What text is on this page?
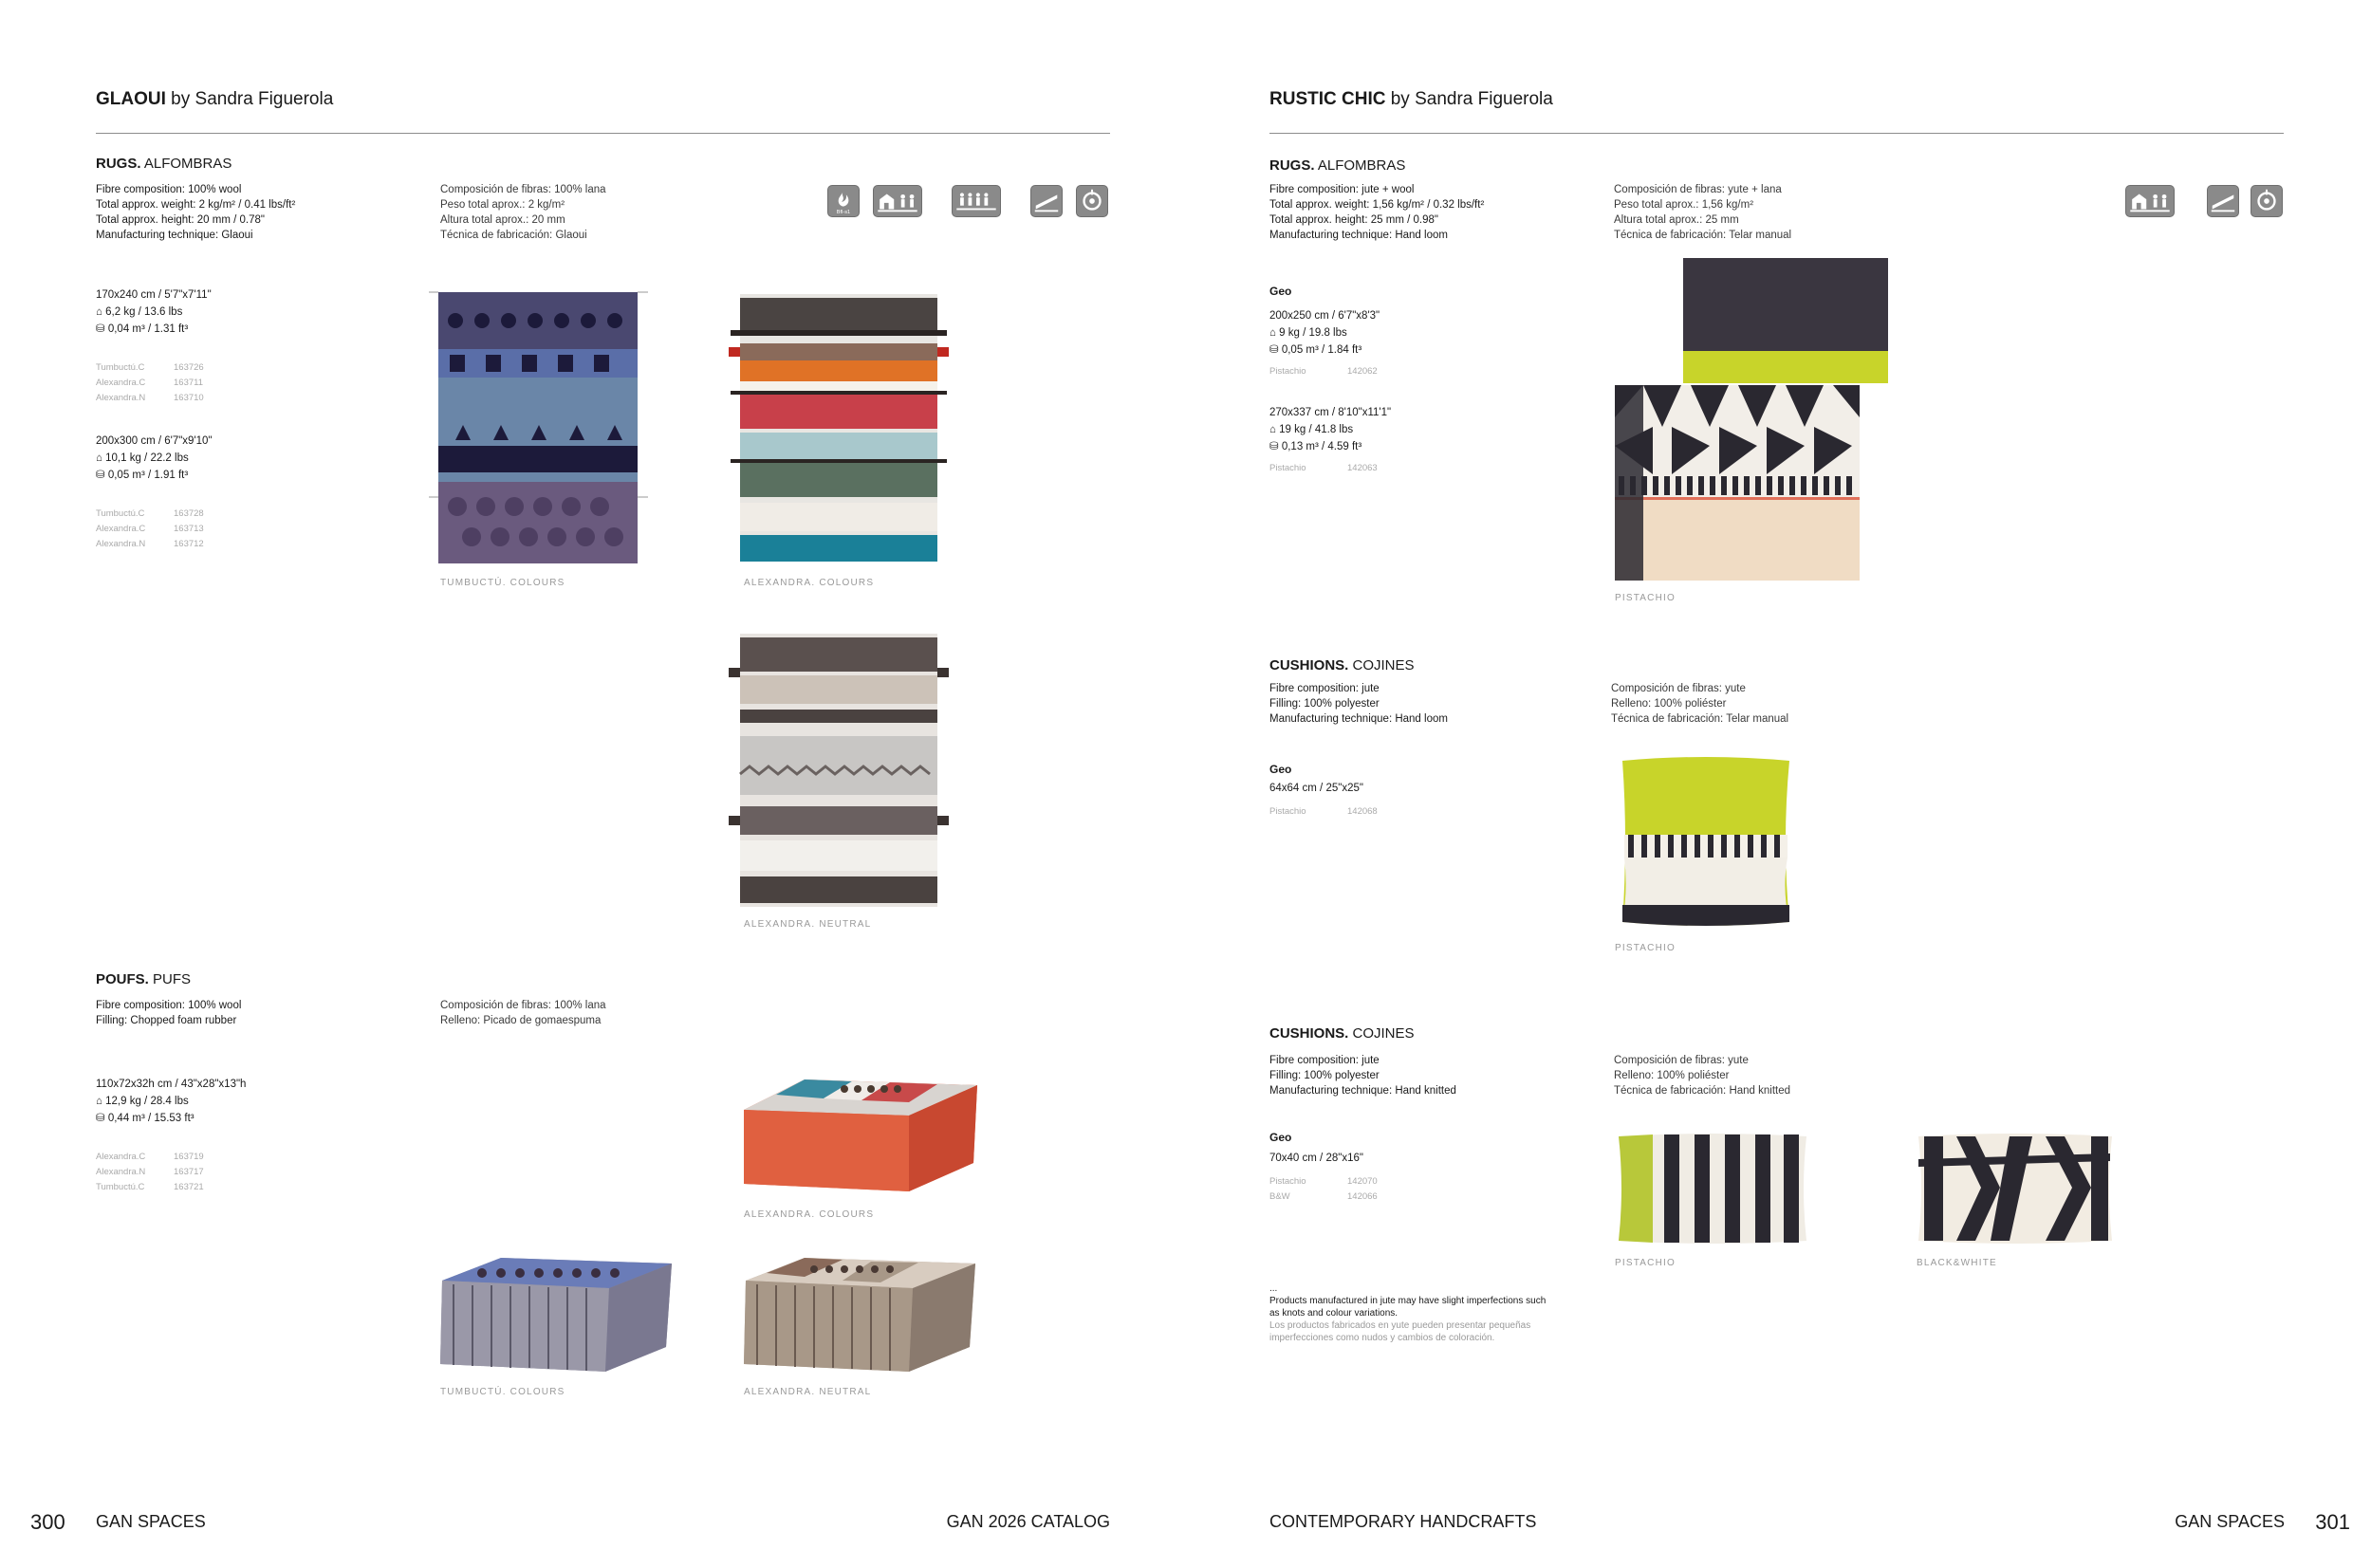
GLAOUI by Sandra Figuerola
RUGS. ALFOMBRAS
Fibre composition: 100% wool
Total approx. weight: 2 kg/m² / 0.41 lbs/ft²
Total approx. height: 20 mm / 0.78"
Manufacturing technique: Glaoui
Composición de fibras: 100% lana
Peso total aprox.: 2 kg/m²
Altura total aprox.: 20 mm
Técnica de fabricación: Glaoui
Bfl-s1
170x240 cm / 5'7"x7'11"
⌂ 6,2 kg / 13.6 lbs
⛁ 0,04 m³ / 1.31 ft³
Tumbuctú.C	163726
Alexandra.C	163711
Alexandra.N	163710
200x300 cm / 6'7"x9'10"
⌂ 10,1 kg / 22.2 lbs
⛁ 0,05 m³ / 1.91 ft³
Tumbuctú.C	163728
Alexandra.C	163713
Alexandra.N	163712
TUMBUCTÚ. COLOURS	ALEXANDRA. COLOURS
ALEXANDRA. NEUTRAL
POUFS. PUFS
Fibre composition: 100% wool
Filling: Chopped foam rubber
Composición de fibras: 100% lana
Relleno: Picado de gomaespuma
110x72x32h cm / 43"x28"x13"h
⌂ 12,9 kg / 28.4 lbs
⛁ 0,44 m³ / 15.53 ft³
Alexandra.C	163719
Alexandra.N	163717
Tumbuctú.C	163721
ALEXANDRA. COLOURS
TUMBUCTÚ. COLOURS	ALEXANDRA. NEUTRAL
300 GAN SPACES	GAN 2026 CATALOG
RUSTIC CHIC by Sandra Figuerola
RUGS. ALFOMBRAS
Fibre composition: jute + wool
Total approx. weight: 1,56 kg/m² / 0.32 lbs/ft²
Total approx. height: 25 mm / 0.98"
Manufacturing technique: Hand loom
Composición de fibras: yute + lana
Peso total aprox.: 1,56 kg/m²
Altura total aprox.: 25 mm
Técnica de fabricación: Telar manual
Geo
200x250 cm / 6'7"x8'3"
⌂ 9 kg / 19.8 lbs
⛁ 0,05 m³ / 1.84 ft³
Pistachio	142062
270x337 cm / 8'10"x11'1"
⌂ 19 kg / 41.8 lbs
⛁ 0,13 m³ / 4.59 ft³
Pistachio	142063
PISTACHIO
CUSHIONS. COJINES
Fibre composition: jute
Filling: 100% polyester
Manufacturing technique: Hand loom
Composición de fibras: yute
Relleno: 100% poliéster
Técnica de fabricación: Telar manual
Geo
64x64 cm / 25"x25"
Pistachio	142068
PISTACHIO
CUSHIONS. COJINES
Fibre composition: jute
Filling: 100% polyester
Manufacturing technique: Hand knitted
Composición de fibras: yute
Relleno: 100% poliéster
Técnica de fabricación: Hand knitted
Geo
70x40 cm / 28"x16"
Pistachio	142070
B&W	142066
PISTACHIO	BLACK&WHITE
...
Products manufactured in jute may have slight imperfections such
as knots and colour variations.
Los productos fabricados en yute pueden presentar pequeñas
imperfecciones como nudos y cambios de coloración.
CONTEMPORARY HANDCRAFTS	GAN SPACES 301
